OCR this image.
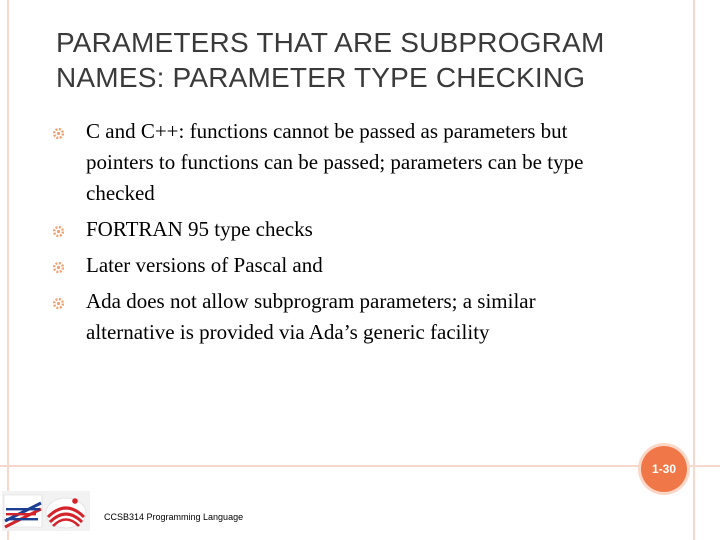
PARAMETERS THAT ARE SUBPROGRAM
NAMES: PARAMETER TYPE CHECKING
C and C++: functions cannot be passed as parameters but
pointers to functions can be passed; parameters can be type
checked
FORTRAN 95 type checks
Later versions of Pascal and
Ada does not allow subprogram parameters; a similar
alternative is provided via Ada’s generic facility
1-30
CCSB314 Programming Language
